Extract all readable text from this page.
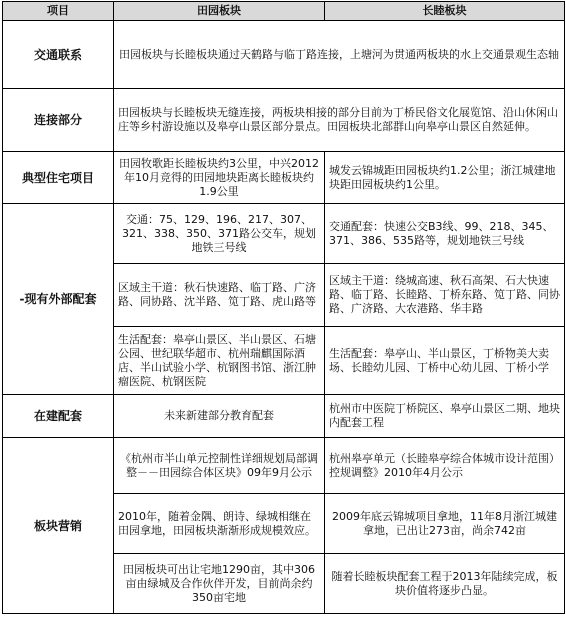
项目	田园板块	长睦板块
交通联系	田园板块与长睦板块通过天鹤路与临丁路连接，上塘河为贯通两板块的水上交通景观生态轴	
连接部分	田园板块与长睦板块无缝连接，两板块相接的部分目前为丁桥民俗文化展览馆、沿山休闲山庄等乡村游设施以及皋亭山景区部分景点。田园板块北部群山向皋亭山景区自然延伸。	
典型住宅项目	田园牧歌距长睦板块约3公里，中兴2012年10月竞得的田园地块距离长睦板块约1.9公里	城发云锦城距田园板块约1.2公里；浙江城建地块距田园板块约1公里。
-现有外部配套	交通：75、129、196、217、307、321、338、350、371路公交车，规划地铁三号线	交通配套：快速公交B3线、99、218、345、371、386、535路等，规划地铁三号线
	区域主干道：秋石快速路、临丁路、广济路、同协路、沈半路、笕丁路、虎山路等	区域主干道：绕城高速、秋石高架、石大快速路、临丁路、长睦路、丁桥东路、笕丁路、同协路、广济路、大农港路、华丰路
	生活配套：皋亭山景区、半山景区、石塘公园、世纪联华超市、杭州瑞麒国际酒店、半山试验小学、杭钢图书馆、浙江肿瘤医院、杭钢医院	生活配套：皋亭山、半山景区，丁桥物美大卖场、长睦幼儿园、丁桥中心幼儿园、丁桥小学
在建配套	未来新建部分教育配套	杭州市中医院丁桥院区、皋亭山景区二期、地块内配套工程
板块营销	《杭州市半山单元控制性详细规划局部调整－－田园综合体区块》09年9月公示	杭州皋亭单元（长睦皋亭综合体城市设计范围）控规调整》2010年4月公示
	2010年，随着金隅、朗诗、绿城相继在田园拿地，田园板块渐渐形成规模效应。	2009年底云锦城项目拿地，11年8月浙江城建拿地，已出让273亩，尚余742亩
	田园板块可出让宅地1290亩，其中306亩由绿城及合作伙伴开发，目前尚余约350亩宅地	随着长睦板块配套工程于2013年陆续完成，板块价值将逐步凸显。
